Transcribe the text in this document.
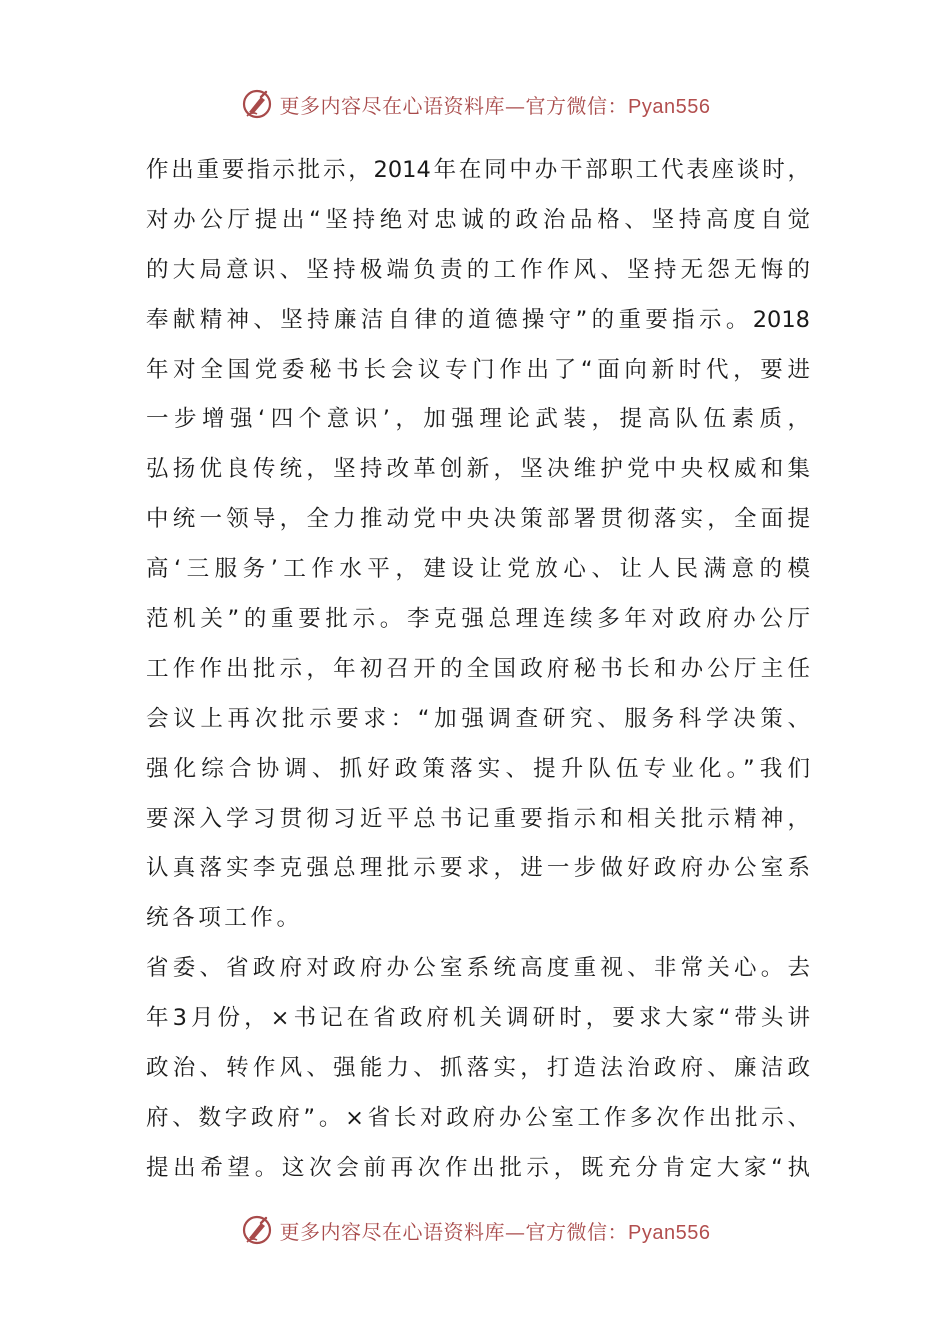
更多内容尽在心语资料库—官方微信：Pyan556
作出重要指示批示，2014年在同中办干部职工代表座谈时，
对办公厅提出“坚持绝对忠诚的政治品格、坚持高度自觉
的大局意识、坚持极端负责的工作作风、坚持无怨无悔的
奉献精神、坚持廉洁自律的道德操守”的重要指示。2018
年对全国党委秘书长会议专门作出了“面向新时代，要进
一步增强‘四个意识’，加强理论武装，提高队伍素质，
弘扬优良传统，坚持改革创新，坚决维护党中央权威和集
中统一领导，全力推动党中央决策部署贯彻落实，全面提
高‘三服务’工作水平，建设让党放心、让人民满意的模
范机关”的重要批示。李克强总理连续多年对政府办公厅
工作作出批示，年初召开的全国政府秘书长和办公厅主任
会议上再次批示要求：“加强调查研究、服务科学决策、
强化综合协调、抓好政策落实、提升队伍专业化。”我们
要深入学习贯彻习近平总书记重要指示和相关批示精神，
认真落实李克强总理批示要求，进一步做好政府办公室系
统各项工作。
省委、省政府对政府办公室系统高度重视、非常关心。去
年3月份，×书记在省政府机关调研时，要求大家“带头讲
政治、转作风、强能力、抓落实，打造法治政府、廉洁政
府、数字政府”。×省长对政府办公室工作多次作出批示、
提出希望。这次会前再次作出批示，既充分肯定大家“执
更多内容尽在心语资料库—官方微信：Pyan556
